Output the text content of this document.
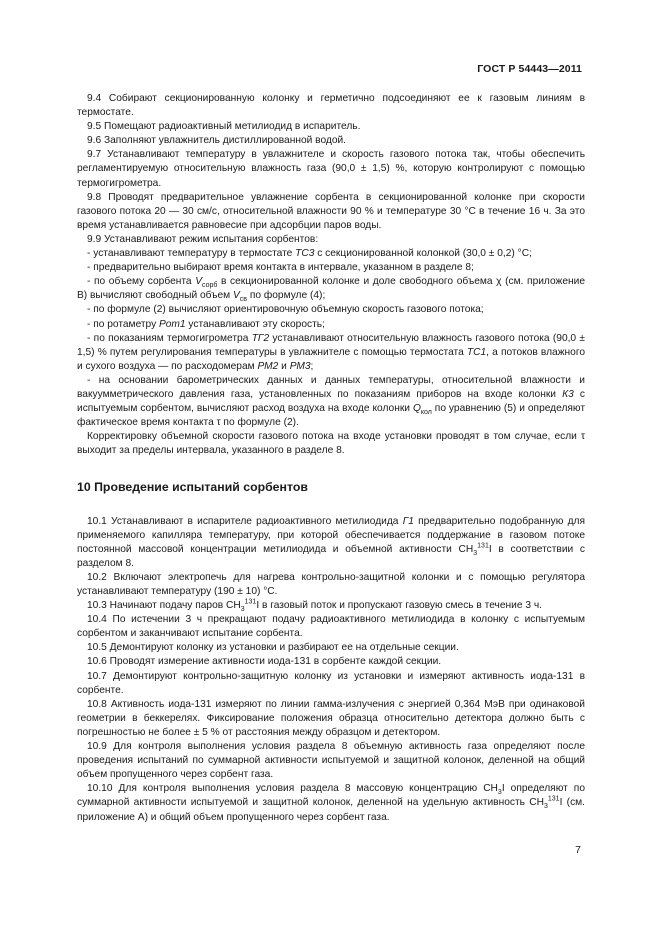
ГОСТ Р 54443—2011

9.4 Собирают секционированную колонку и герметично подсоединяют ее к газовым линиям в термостате.

9.5 Помещают радиоактивный метилиодид в испаритель.

9.6 Заполняют увлажнитель дистиллированной водой.

9.7 Устанавливают температуру в увлажнителе и скорость газового потока так, чтобы обеспечить регламентируемую относительную влажность газа (90,0 ± 1,5) %, которую контролируют с помощью термогигрометра.

9.8 Проводят предварительное увлажнение сорбента в секционированной колонке при скорости газового потока 20 — 30 см/с, относительной влажности 90 % и температуре 30 °C в течение 16 ч. За это время устанавливается равновесие при адсорбции паров воды.

9.9 Устанавливают режим испытания сорбентов:

- устанавливают температуру в термостате ТС3 с секционированной колонкой (30,0 ± 0,2) °С;

- предварительно выбирают время контакта в интервале, указанном в разделе 8;

- по объему сорбента $V_{сорб}$ в секционированной колонке и доле свободного объема χ (см. приложение В) вычисляют свободный объем $V_{св}$ по формуле (4);

- по формуле (2) вычисляют ориентировочную объемную скорость газового потока;

- по ротаметру Рот1 устанавливают эту скорость;

- по показаниям термогигрометра ТГ2 устанавливают относительную влажность газового потока (90,0 ± 1,5) % путем регулирования температуры в увлажнителе с помощью термостата ТС1, а потоков влажного и сухого воздуха — по расходомерам РМ2 и РМ3;

- на основании барометрических данных и данных температуры, относительной влажности и вакуумметрического давления газа, установленных по показаниям приборов на входе колонки К3 с испытуемым сорбентом, вычисляют расход воздуха на входе колонки $Q_{кол}$ по уравнению (5) и определяют фактическое время контакта τ по формуле (2).

Корректировку объемной скорости газового потока на входе установки проводят в том случае, если τ выходит за пределы интервала, указанного в разделе 8.

10 Проведение испытаний сорбентов

10.1 Устанавливают в испарителе радиоактивного метилиодида Г1 предварительно подобранную для применяемого капилляра температуру, при которой обеспечивается поддержание в газовом потоке постоянной массовой концентрации метилиодида и объемной активности $CH_3^{131}I$ в соответствии с разделом 8.

10.2 Включают электропечь для нагрева контрольно-защитной колонки и с помощью регулятора устанавливают температуру (190 ± 10) °С.

10.3 Начинают подачу паров $CH_3^{131}I$ в газовый поток и пропускают газовую смесь в течение 3 ч.

10.4 По истечении 3 ч прекращают подачу радиоактивного метилиодида в колонку с испытуемым сорбентом и заканчивают испытание сорбента.

10.5 Демонтируют колонку из установки и разбирают ее на отдельные секции.

10.6 Проводят измерение активности иода-131 в сорбенте каждой секции.

10.7 Демонтируют контрольно-защитную колонку из установки и измеряют активность иода-131 в сорбенте.

10.8 Активность иода-131 измеряют по линии гамма-излучения с энергией 0,364 МэВ при одинаковой геометрии в беккерелях. Фиксирование положения образца относительно детектора должно быть с погрешностью не более ± 5 % от расстояния между образцом и детектором.

10.9 Для контроля выполнения условия раздела 8 объемную активность газа определяют после проведения испытаний по суммарной активности испытуемой и защитной колонок, деленной на общий объем пропущенного через сорбент газа.

10.10 Для контроля выполнения условия раздела 8 массовую концентрацию $CH_3I$ определяют по суммарной активности испытуемой и защитной колонок, деленной на удельную активность $CH_3^{131}I$ (см. приложение А) и общий объем пропущенного через сорбент газа.

7
